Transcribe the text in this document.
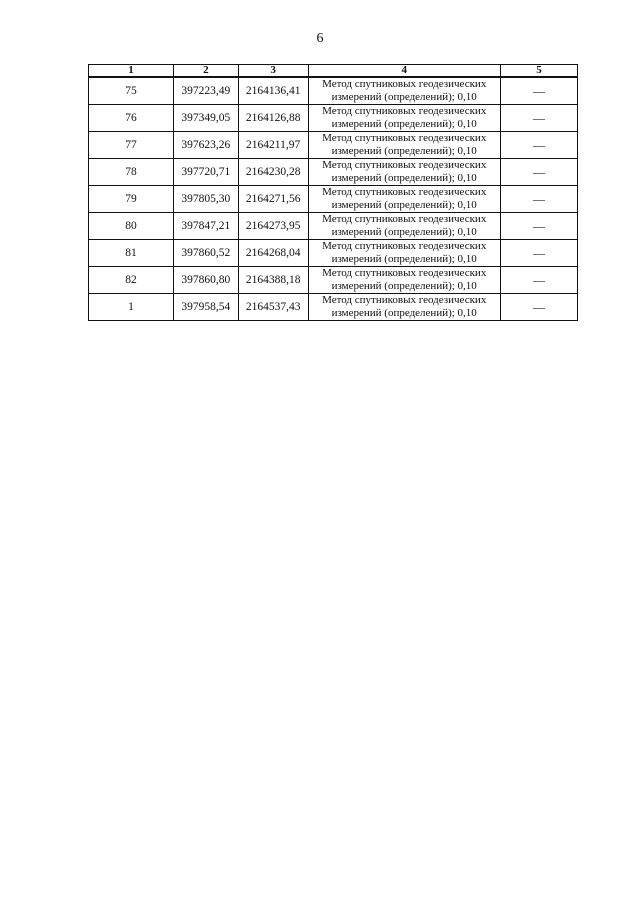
6
1	2	3	4	5
75	397223,49	2164136,41	Метод спутниковых геодезических
измерений (определений); 0,10	—
76	397349,05	2164126,88	Метод спутниковых геодезических
измерений (определений); 0,10	—
77	397623,26	2164211,97	Метод спутниковых геодезических
измерений (определений); 0,10	—
78	397720,71	2164230,28	Метод спутниковых геодезических
измерений (определений); 0,10	—
79	397805,30	2164271,56	Метод спутниковых геодезических
измерений (определений); 0,10	—
80	397847,21	2164273,95	Метод спутниковых геодезических
измерений (определений); 0,10	—
81	397860,52	2164268,04	Метод спутниковых геодезических
измерений (определений); 0,10	—
82	397860,80	2164388,18	Метод спутниковых геодезических
измерений (определений); 0,10	—
1	397958,54	2164537,43	Метод спутниковых геодезических
измерений (определений); 0,10	—
